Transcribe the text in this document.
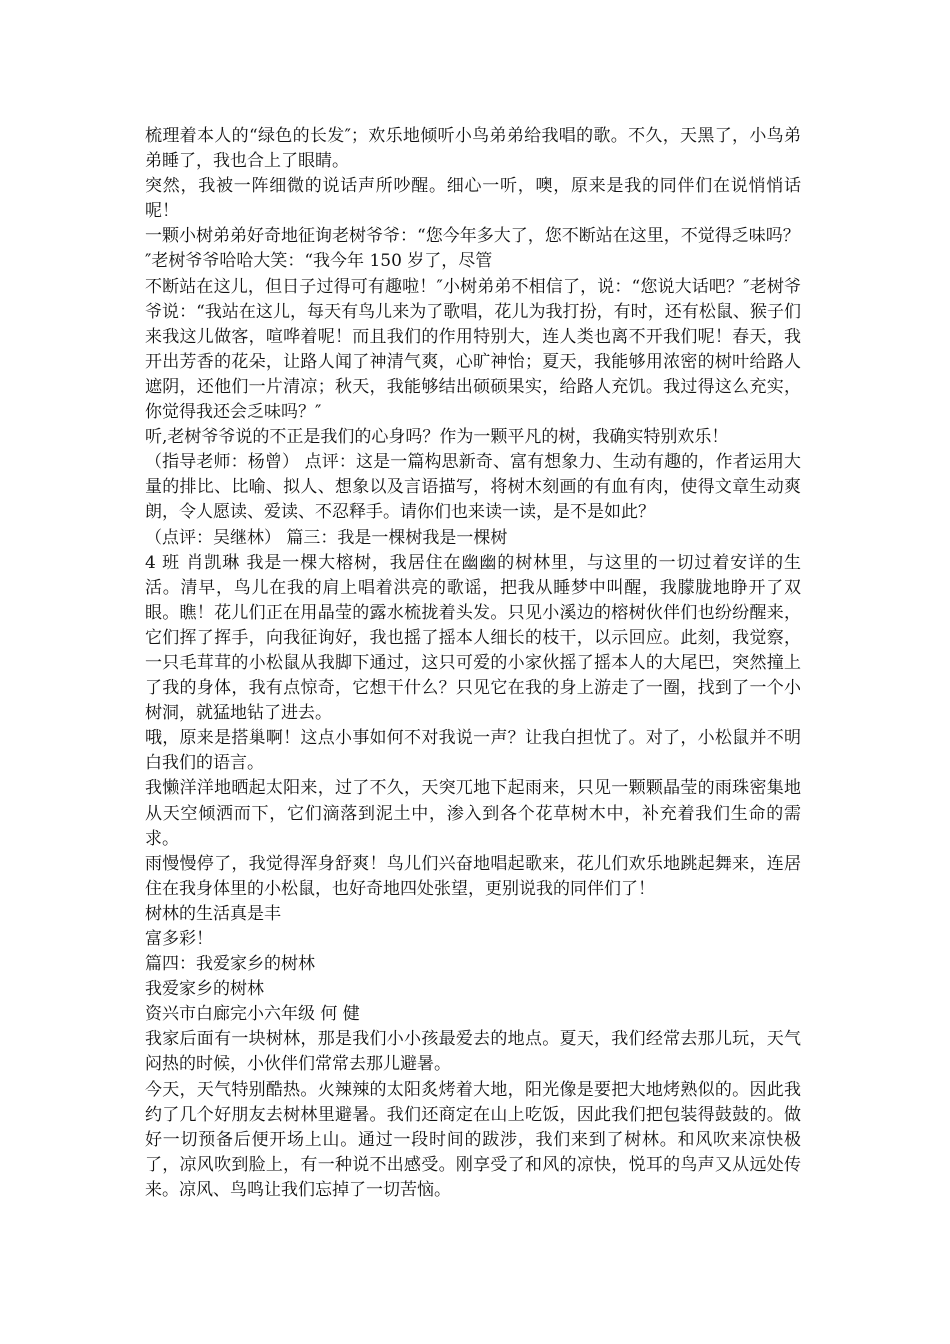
梳理着本人的“绿色的长发″；欢乐地倾听小鸟弟弟给我唱的歌。不久，天黑了，小鸟弟弟睡了，我也合上了眼睛。

突然，我被一阵细微的说话声所吵醒。细心一听，噢，原来是我的同伴们在说悄悄话呢！

一颗小树弟弟好奇地征询老树爷爷：“您今年多大了，您不断站在这里，不觉得乏味吗？″老树爷爷哈哈大笑：“我今年 150 岁了，尽管

不断站在这儿，但日子过得可有趣啦！″小树弟弟不相信了，说：“您说大话吧？″老树爷爷说：“我站在这儿，每天有鸟儿来为了歌唱，花儿为我打扮，有时，还有松鼠、猴子们来我这儿做客，喧哗着呢！而且我们的作用特别大，连人类也离不开我们呢！春天，我开出芳香的花朵，让路人闻了神清气爽，心旷神怡；夏天，我能够用浓密的树叶给路人遮阴，还他们一片清凉；秋天，我能够结出硕硕果实，给路人充饥。我过得这么充实，你觉得我还会乏味吗？″

听,老树爷爷说的不正是我们的心身吗？作为一颗平凡的树，我确实特别欢乐！

（指导老师：杨曾） 点评：这是一篇构思新奇、富有想象力、生动有趣的，作者运用大量的排比、比喻、拟人、想象以及言语描写，将树木刻画的有血有肉，使得文章生动爽朗，令人愿读、爱读、不忍释手。请你们也来读一读，是不是如此？

（点评：吴继林） 篇三：我是一棵树我是一棵树

4 班 肖凯琳 我是一棵大榕树，我居住在幽幽的树林里，与这里的一切过着安详的生活。清早，鸟儿在我的肩上唱着洪亮的歌谣，把我从睡梦中叫醒，我朦胧地睁开了双眼。瞧！花儿们正在用晶莹的露水梳拢着头发。只见小溪边的榕树伙伴们也纷纷醒来，它们挥了挥手，向我征询好，我也摇了摇本人细长的枝干，以示回应。此刻，我觉察，一只毛茸茸的小松鼠从我脚下通过，这只可爱的小家伙摇了摇本人的大尾巴，突然撞上了我的身体，我有点惊奇，它想干什么？只见它在我的身上游走了一圈，找到了一个小树洞，就猛地钻了进去。

哦，原来是搭巢啊！这点小事如何不对我说一声？让我白担忧了。对了，小松鼠并不明白我们的语言。

我懒洋洋地晒起太阳来，过了不久，天突兀地下起雨来，只见一颗颗晶莹的雨珠密集地从天空倾洒而下，它们滴落到泥土中，渗入到各个花草树木中，补充着我们生命的需求。

雨慢慢停了，我觉得浑身舒爽！鸟儿们兴奋地唱起歌来，花儿们欢乐地跳起舞来，连居住在我身体里的小松鼠，也好奇地四处张望，更别说我的同伴们了！

树林的生活真是丰

富多彩！

篇四：我爱家乡的树林

我爱家乡的树林

资兴市白廊完小六年级 何 健

我家后面有一块树林，那是我们小小孩最爱去的地点。夏天，我们经常去那儿玩，天气闷热的时候，小伙伴们常常去那儿避暑。

今天，天气特别酷热。火辣辣的太阳炙烤着大地，阳光像是要把大地烤熟似的。因此我约了几个好朋友去树林里避暑。我们还商定在山上吃饭，因此我们把包装得鼓鼓的。做好一切预备后便开场上山。通过一段时间的跋涉，我们来到了树林。和风吹来凉快极了，凉风吹到脸上，有一种说不出感受。刚享受了和风的凉快，悦耳的鸟声又从远处传来。凉风、鸟鸣让我们忘掉了一切苦恼。
